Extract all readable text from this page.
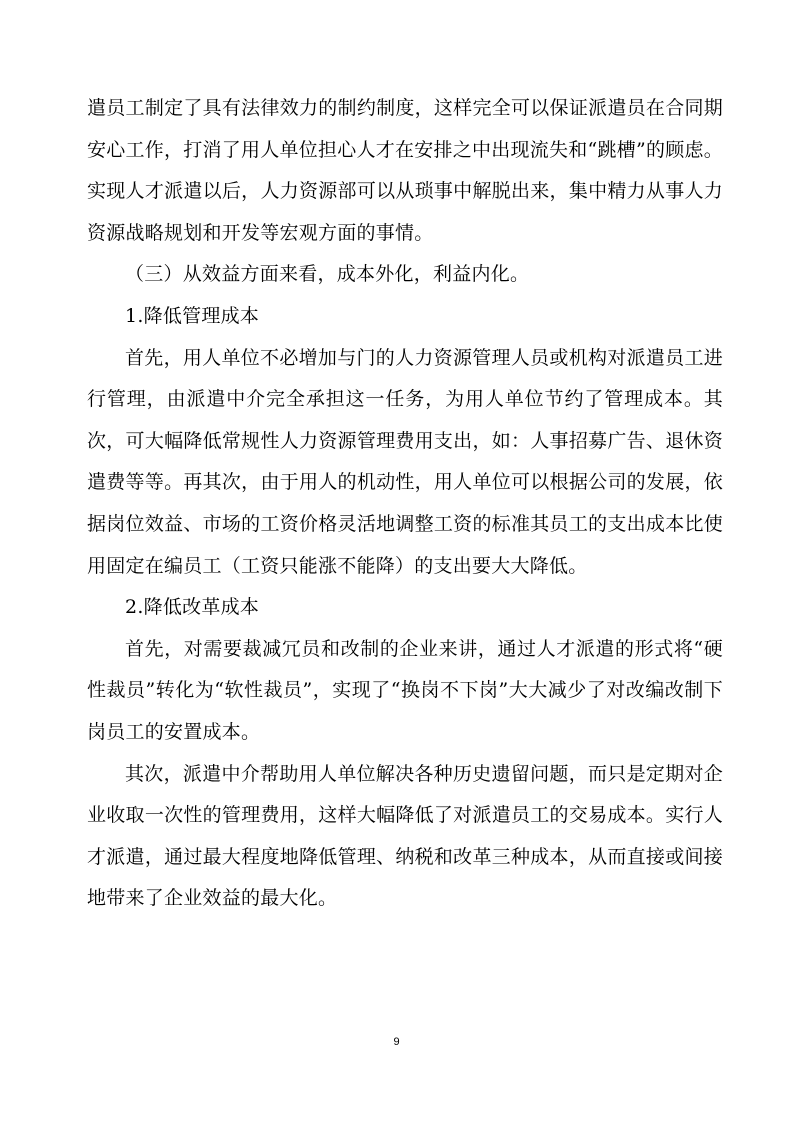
遣员工制定了具有法律效力的制约制度，这样完全可以保证派遣员在合同期安心工作，打消了用人单位担心人才在安排之中出现流失和“跳槽”的顾虑。实现人才派遣以后，人力资源部可以从琐事中解脱出来，集中精力从事人力资源战略规划和开发等宏观方面的事情。

（三）从效益方面来看，成本外化，利益内化。

1.降低管理成本

首先，用人单位不必增加与门的人力资源管理人员或机构对派遣员工进行管理，由派遣中介完全承担这一任务，为用人单位节约了管理成本。其次，可大幅降低常规性人力资源管理费用支出，如：人事招募广告、退休资遣费等等。再其次，由于用人的机动性，用人单位可以根据公司的发展，依据岗位效益、市场的工资价格灵活地调整工资的标准其员工的支出成本比使用固定在编员工（工资只能涨不能降）的支出要大大降低。

2.降低改革成本

首先，对需要裁减冗员和改制的企业来讲，通过人才派遣的形式将“硬性裁员”转化为“软性裁员”，实现了“换岗不下岗”大大减少了对改编改制下岗员工的安置成本。

其次，派遣中介帮助用人单位解决各种历史遗留问题，而只是定期对企业收取一次性的管理费用，这样大幅降低了对派遣员工的交易成本。实行人才派遣，通过最大程度地降低管理、纳税和改革三种成本，从而直接或间接地带来了企业效益的最大化。

9
